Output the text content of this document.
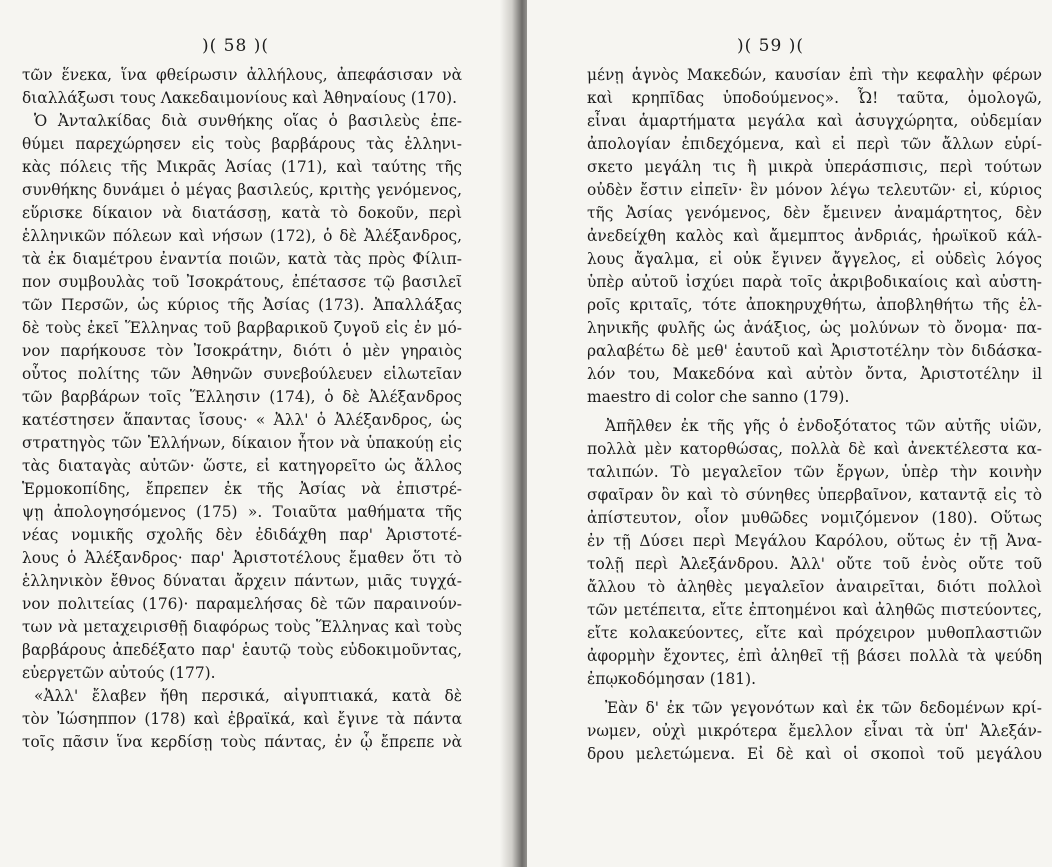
)( 58 )(
τῶν ἕνεκα, ἵνα φθείρωσιν ἀλλήλους, ἀπεφάσισαν νὰ
διαλλάξωσι τους Λακεδαιμονίους καὶ Ἀθηναίους (170).
Ὁ Ἀνταλκίδας διὰ συνθήκης οἵας ὁ βασιλεὺς ἐπε-
θύμει παρεχώρησεν εἰς τοὺς βαρβάρους τὰς ἑλληνι-
κὰς πόλεις τῆς Μικρᾶς Ἀσίας (171), καὶ ταύτης τῆς
συνθήκης δυνάμει ὁ μέγας βασιλεύς, κριτὴς γενόμενος,
εὕρισκε δίκαιον νὰ διατάσσῃ, κατὰ τὸ δοκοῦν, περὶ
ἑλληνικῶν πόλεων καὶ νήσων (172), ὁ δὲ Ἀλέξανδρος,
τὰ ἐκ διαμέτρου ἐναντία ποιῶν, κατὰ τὰς πρὸς Φίλιπ-
πον συμβουλὰς τοῦ Ἰσοκράτους, ἐπέτασσε τῷ βασιλεῖ
τῶν Περσῶν, ὡς κύριος τῆς Ἀσίας (173). Ἀπαλλάξας
δὲ τοὺς ἐκεῖ Ἕλληνας τοῦ βαρβαρικοῦ ζυγοῦ εἰς ἐν μό-
νον παρήκουσε τὸν Ἰσοκράτην, διότι ὁ μὲν γηραιὸς
οὗτος πολίτης τῶν Ἀθηνῶν συνεβούλευεν εἱλωτεῖαν
τῶν βαρβάρων τοῖς Ἕλλησιν (174), ὁ δὲ Ἀλέξανδρος
κατέστησεν ἅπαντας ἴσους· « Ἀλλ' ὁ Ἀλέξανδρος, ὡς
στρατηγὸς τῶν Ἑλλήνων, δίκαιον ἦτον νὰ ὑπακούῃ εἰς
τὰς διαταγὰς αὐτῶν· ὥστε, εἰ κατηγορεῖτο ὡς ἄλλος
Ἑρμοκοπίδης, ἔπρεπεν ἐκ τῆς Ἀσίας νὰ ἐπιστρέ-
ψῃ ἀπολογησόμενος (175) ». Τοιαῦτα μαθήματα τῆς
νέας νομικῆς σχολῆς δὲν ἐδιδάχθη παρ' Ἀριστοτέ-
λους ὁ Ἀλέξανδρος· παρ' Ἀριστοτέλους ἔμαθεν ὅτι τὸ
ἑλληνικὸν ἔθνος δύναται ἄρχειν πάντων, μιᾶς τυγχά-
νον πολιτείας (176)· παραμελήσας δὲ τῶν παραινούν-
των νὰ μεταχειρισθῇ διαφόρως τοὺς Ἕλληνας καὶ τοὺς
βαρβάρους ἀπεδέξατο παρ' ἑαυτῷ τοὺς εὐδοκιμοῦντας,
εὐεργετῶν αὐτούς (177).
«Ἀλλ' ἔλαβεν ἤθη περσικά, αἰγυπτιακά, κατὰ δὲ
τὸν Ἰώσηππον (178) καὶ ἑβραϊκά, καὶ ἔγινε τὰ πάντα
τοῖς πᾶσιν ἵνα κερδίσῃ τοὺς πάντας, ἐν ᾧ ἔπρεπε νὰ
)( 59 )(
μένῃ ἁγνὸς Μακεδών, καυσίαν ἐπὶ τὴν κεφαλὴν φέρων
καὶ κρηπῖδας ὑποδούμενος». Ὦ! ταῦτα, ὁμολογῶ,
εἶναι ἁμαρτήματα μεγάλα καὶ ἀσυγχώρητα, οὐδεμίαν
ἀπολογίαν ἐπιδεχόμενα, καὶ εἰ περὶ τῶν ἄλλων εὑρί-
σκετο μεγάλη τις ἢ μικρὰ ὑπεράσπισις, περὶ τούτων
οὐδὲν ἔστιν εἰπεῖν· ἓν μόνον λέγω τελευτῶν· εἰ, κύριος
τῆς Ἀσίας γενόμενος, δὲν ἔμεινεν ἀναμάρτητος, δὲν
ἀνεδείχθη καλὸς καὶ ἄμεμπτος ἀνδριάς, ἡρωϊκοῦ κάλ-
λους ἄγαλμα, εἰ οὐκ ἔγινεν ἄγγελος, εἰ οὐδεὶς λόγος
ὑπὲρ αὐτοῦ ἰσχύει παρὰ τοῖς ἀκριβοδικαίοις καὶ αὐστη-
ροῖς κριταῖς, τότε ἀποκηρυχθήτω, ἀποβληθήτω τῆς ἑλ-
ληνικῆς φυλῆς ὡς ἀνάξιος, ὡς μολύνων τὸ ὄνομα· πα-
ραλαβέτω δὲ μεθ' ἑαυτοῦ καὶ Ἀριστοτέλην τὸν διδάσκα-
λόν του, Μακεδόνα καὶ αὐτὸν ὄντα, Ἀριστοτέλην il
maestro di color che sanno (179).
Ἀπῆλθεν ἐκ τῆς γῆς ὁ ἐνδοξότατος τῶν αὐτῆς υἱῶν,
πολλὰ μὲν κατορθώσας, πολλὰ δὲ καὶ ἀνεκτέλεστα κα-
ταλιπών. Τὸ μεγαλεῖον τῶν ἔργων, ὑπὲρ τὴν κοινὴν
σφαῖραν ὂν καὶ τὸ σύνηθες ὑπερβαῖνον, καταντᾷ εἰς τὸ
ἀπίστευτον, οἷον μυθῶδες νομιζόμενον (180). Οὕτως
ἐν τῇ Δύσει περὶ Μεγάλου Καρόλου, οὕτως ἐν τῇ Ἀνα-
τολῇ περὶ Ἀλεξάνδρου. Ἀλλ' οὔτε τοῦ ἑνὸς οὔτε τοῦ
ἄλλου τὸ ἀληθὲς μεγαλεῖον ἀναιρεῖται, διότι πολλοὶ
τῶν μετέπειτα, εἴτε ἐπτοημένοι καὶ ἀληθῶς πιστεύοντες,
εἴτε κολακεύοντες, εἴτε καὶ πρόχειρον μυθοπλαστιῶν
ἀφορμὴν ἔχοντες, ἐπὶ ἀληθεῖ τῇ βάσει πολλὰ τὰ ψεύδη
ἐπῳκοδόμησαν (181).
Ἐὰν δ' ἐκ τῶν γεγονότων καὶ ἐκ τῶν δεδομένων κρί-
νωμεν, οὐχὶ μικρότερα ἔμελλον εἶναι τὰ ὑπ' Ἀλεξάν-
δρου μελετώμενα. Εἰ δὲ καὶ οἱ σκοποὶ τοῦ μεγάλου
